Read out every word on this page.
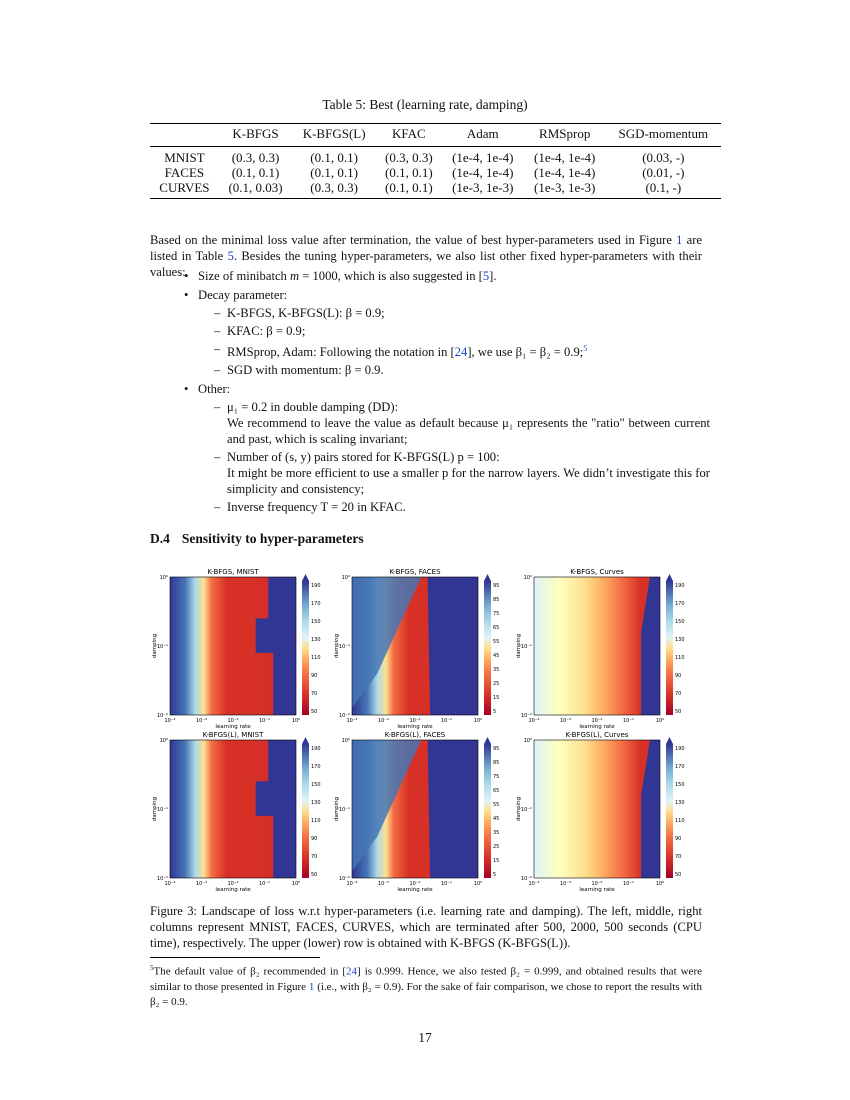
Table 5: Best (learning rate, damping)
	K-BFGS	K-BFGS(L)	KFAC	Adam	RMSprop	SGD-momentum
MNIST	(0.3, 0.3)	(0.1, 0.1)	(0.3, 0.3)	(1e-4, 1e-4)	(1e-4, 1e-4)	(0.03, -)
FACES	(0.1, 0.1)	(0.1, 0.1)	(0.1, 0.1)	(1e-4, 1e-4)	(1e-4, 1e-4)	(0.01, -)
CURVES	(0.1, 0.03)	(0.3, 0.3)	(0.1, 0.1)	(1e-3, 1e-3)	(1e-3, 1e-3)	(0.1, -)
Based on the minimal loss value after termination, the value of best hyper-parameters used in Figure 1 are listed in Table 5. Besides the tuning hyper-parameters, we also list other fixed hyper-parameters with their values: • Size of minibatch m = 1000, which is also suggested in [5].
• Decay parameter:
– K-BFGS, K-BFGS(L): β = 0.9;
– KFAC: β = 0.9;
– RMSprop, Adam: Following the notation in [24], we use β₁ = β₂ = 0.9;$^5$
– SGD with momentum: β = 0.9.
• Other:
– μ₁ = 0.2 in double damping (DD):
We recommend to leave the value as default because μ₁ represents the "ratio" between current and past, which is scaling invariant;
– Number of (s, y) pairs stored for K-BFGS(L) p = 100:
It might be more efficient to use a smaller p for the narrow layers. We didn’t investigate this for simplicity and consistency;
– Inverse frequency T = 20 in KFAC.
D.4 Sensitivity to hyper-parameters
K-BFGS, MNIST
10⁻⁴	10⁻³	10⁻²	10⁻¹	10⁰
learning rate
10⁰
10⁻¹
10⁻²
damping
190
170
150
130
110
90
70
50
K-BFGS, FACES
10⁻⁴	10⁻³	10⁻²	10⁻¹	10⁰
learning rate
10⁰
10⁻¹
10⁻²
damping
95
85
75
65
55
45
35
25
15
5
K-BFGS, Curves
10⁻⁴	10⁻³	10⁻²	10⁻¹	10⁰
learning rate
10⁰
10⁻¹
10⁻²
damping
190
170
150
130
110
90
70
50
K-BFGS(L), MNIST
10⁻⁴	10⁻³	10⁻²	10⁻¹	10⁰
learning rate
10⁰
10⁻¹
10⁻²
damping
190
170
150
130
110
90
70
50
K-BFGS(L), FACES
10⁻⁴	10⁻³	10⁻²	10⁻¹	10⁰
learning rate
10⁰
10⁻¹
10⁻²
damping
95
85
75
65
55
45
35
25
15
5
K-BFGS(L), Curves
10⁻⁴	10⁻³	10⁻²	10⁻¹	10⁰
learning rate
10⁰
10⁻¹
10⁻²
damping
190
170
150
130
110
90
70
50
Figure 3: Landscape of loss w.r.t hyper-parameters (i.e. learning rate and damping). The left, middle, right columns represent MNIST, FACES, CURVES, which are terminated after 500, 2000, 500 seconds (CPU time), respectively. The upper (lower) row is obtained with K-BFGS (K-BFGS(L)).
$^5$The default value of β₂ recommended in [24] is 0.999. Hence, we also tested β₂ = 0.999, and obtained results that were similar to those presented in Figure 1 (i.e., with β₂ = 0.9). For the sake of fair comparison, we chose to report the results with β₂ = 0.9.
17
